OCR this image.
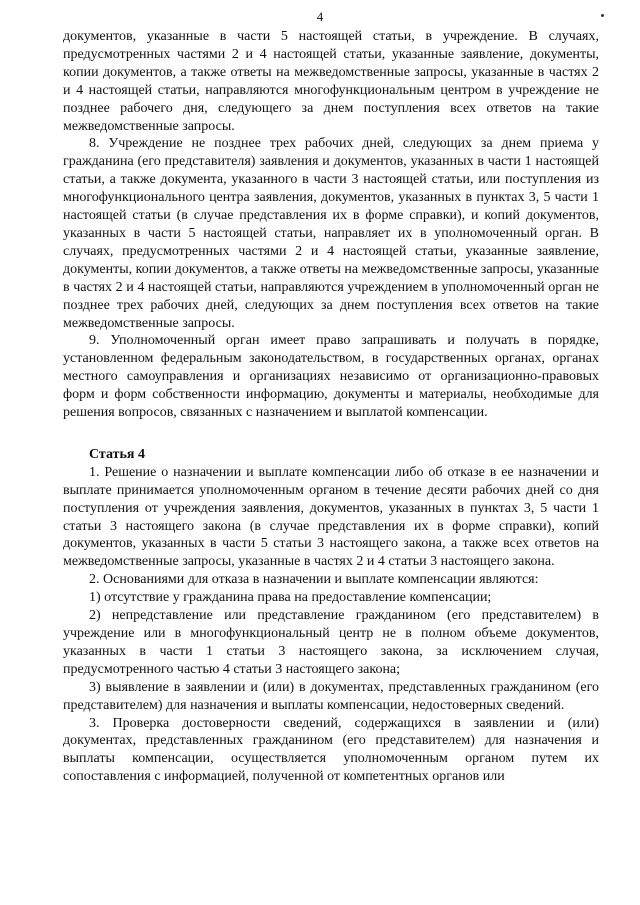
4

документов, указанные в части 5 настоящей статьи, в учреждение. В случаях, предусмотренных частями 2 и 4 настоящей статьи, указанные заявление, документы, копии документов, а также ответы на межведомственные запросы, указанные в частях 2 и 4 настоящей статьи, направляются многофункциональным центром в учреждение не позднее рабочего дня, следующего за днем поступления всех ответов на такие межведомственные запросы.

8. Учреждение не позднее трех рабочих дней, следующих за днем приема у гражданина (его представителя) заявления и документов, указанных в части 1 настоящей статьи, а также документа, указанного в части 3 настоящей статьи, или поступления из многофункционального центра заявления, документов, указанных в пунктах 3, 5 части 1 настоящей статьи (в случае представления их в форме справки), и копий документов, указанных в части 5 настоящей статьи, направляет их в уполномоченный орган. В случаях, предусмотренных частями 2 и 4 настоящей статьи, указанные заявление, документы, копии документов, а также ответы на межведомственные запросы, указанные в частях 2 и 4 настоящей статьи, направляются учреждением в уполномоченный орган не позднее трех рабочих дней, следующих за днем поступления всех ответов на такие межведомственные запросы.

9. Уполномоченный орган имеет право запрашивать и получать в порядке, установленном федеральным законодательством, в государственных органах, органах местного самоуправления и организациях независимо от организационно-правовых форм и форм собственности информацию, документы и материалы, необходимые для решения вопросов, связанных с назначением и выплатой компенсации.

Статья 4

1. Решение о назначении и выплате компенсации либо об отказе в ее назначении и выплате принимается уполномоченным органом в течение десяти рабочих дней со дня поступления от учреждения заявления, документов, указанных в пунктах 3, 5 части 1 статьи 3 настоящего закона (в случае представления их в форме справки), копий документов, указанных в части 5 статьи 3 настоящего закона, а также всех ответов на межведомственные запросы, указанные в частях 2 и 4 статьи 3 настоящего закона.

2. Основаниями для отказа в назначении и выплате компенсации являются:

1) отсутствие у гражданина права на предоставление компенсации;

2) непредставление или представление гражданином (его представителем) в учреждение или в многофункциональный центр не в полном объеме документов, указанных в части 1 статьи 3 настоящего закона, за исключением случая, предусмотренного частью 4 статьи 3 настоящего закона;

3) выявление в заявлении и (или) в документах, представленных гражданином (его представителем) для назначения и выплаты компенсации, недостоверных сведений.

3. Проверка достоверности сведений, содержащихся в заявлении и (или) документах, представленных гражданином (его представителем) для назначения и выплаты компенсации, осуществляется уполномоченным органом путем их сопоставления с информацией, полученной от компетентных органов или
